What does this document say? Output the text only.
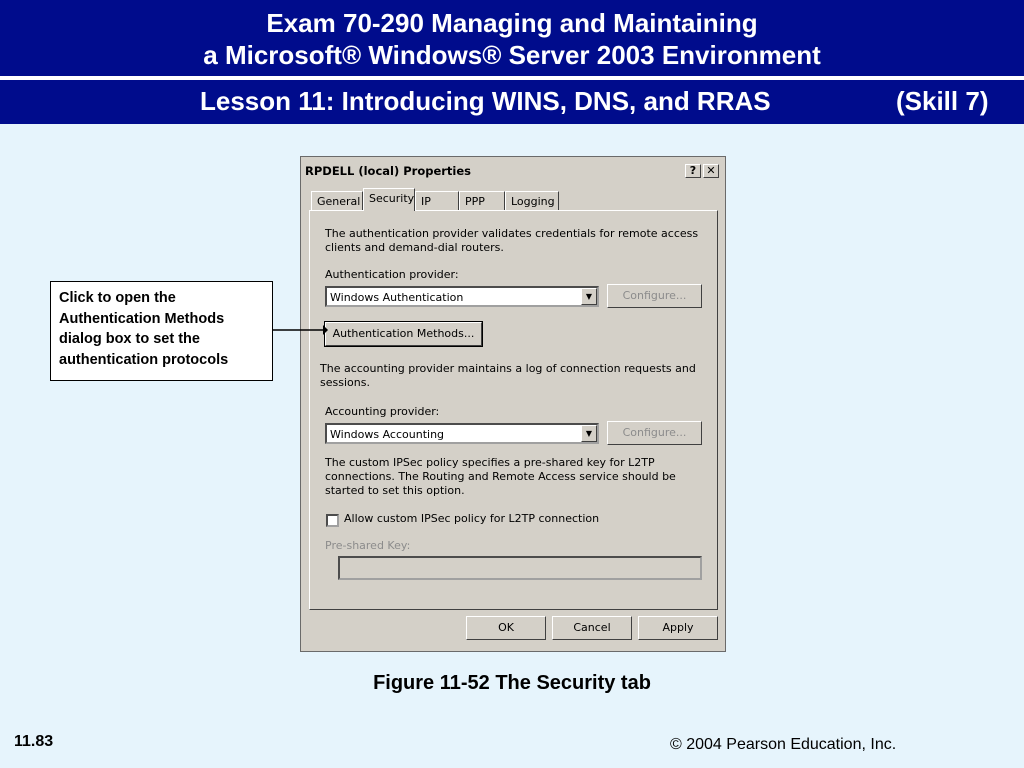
Exam 70-290 Managing and Maintaining
a Microsoft® Windows® Server 2003 Environment
Lesson 11: Introducing WINS, DNS, and RRAS	(Skill 7)
RPDELL (local) Properties	? ✕
General Security IP	PPP	Logging
The authentication provider validates credentials for remote access clients and demand-dial routers.
Authentication provider:
Windows Authentication	▼	Configure...
Authentication Methods...
The accounting provider maintains a log of connection requests and sessions.
Accounting provider:
Windows Accounting	▼	Configure...
The custom IPSec policy specifies a pre-shared key for L2TP connections. The Routing and Remote Access service should be started to set this option.
Allow custom IPSec policy for L2TP connection
Pre-shared Key:
OK	Cancel	Apply
Click to open the Authentication Methods dialog box to set the authentication protocols
Figure 11-52 The Security tab
11.83	© 2004 Pearson Education, Inc.
